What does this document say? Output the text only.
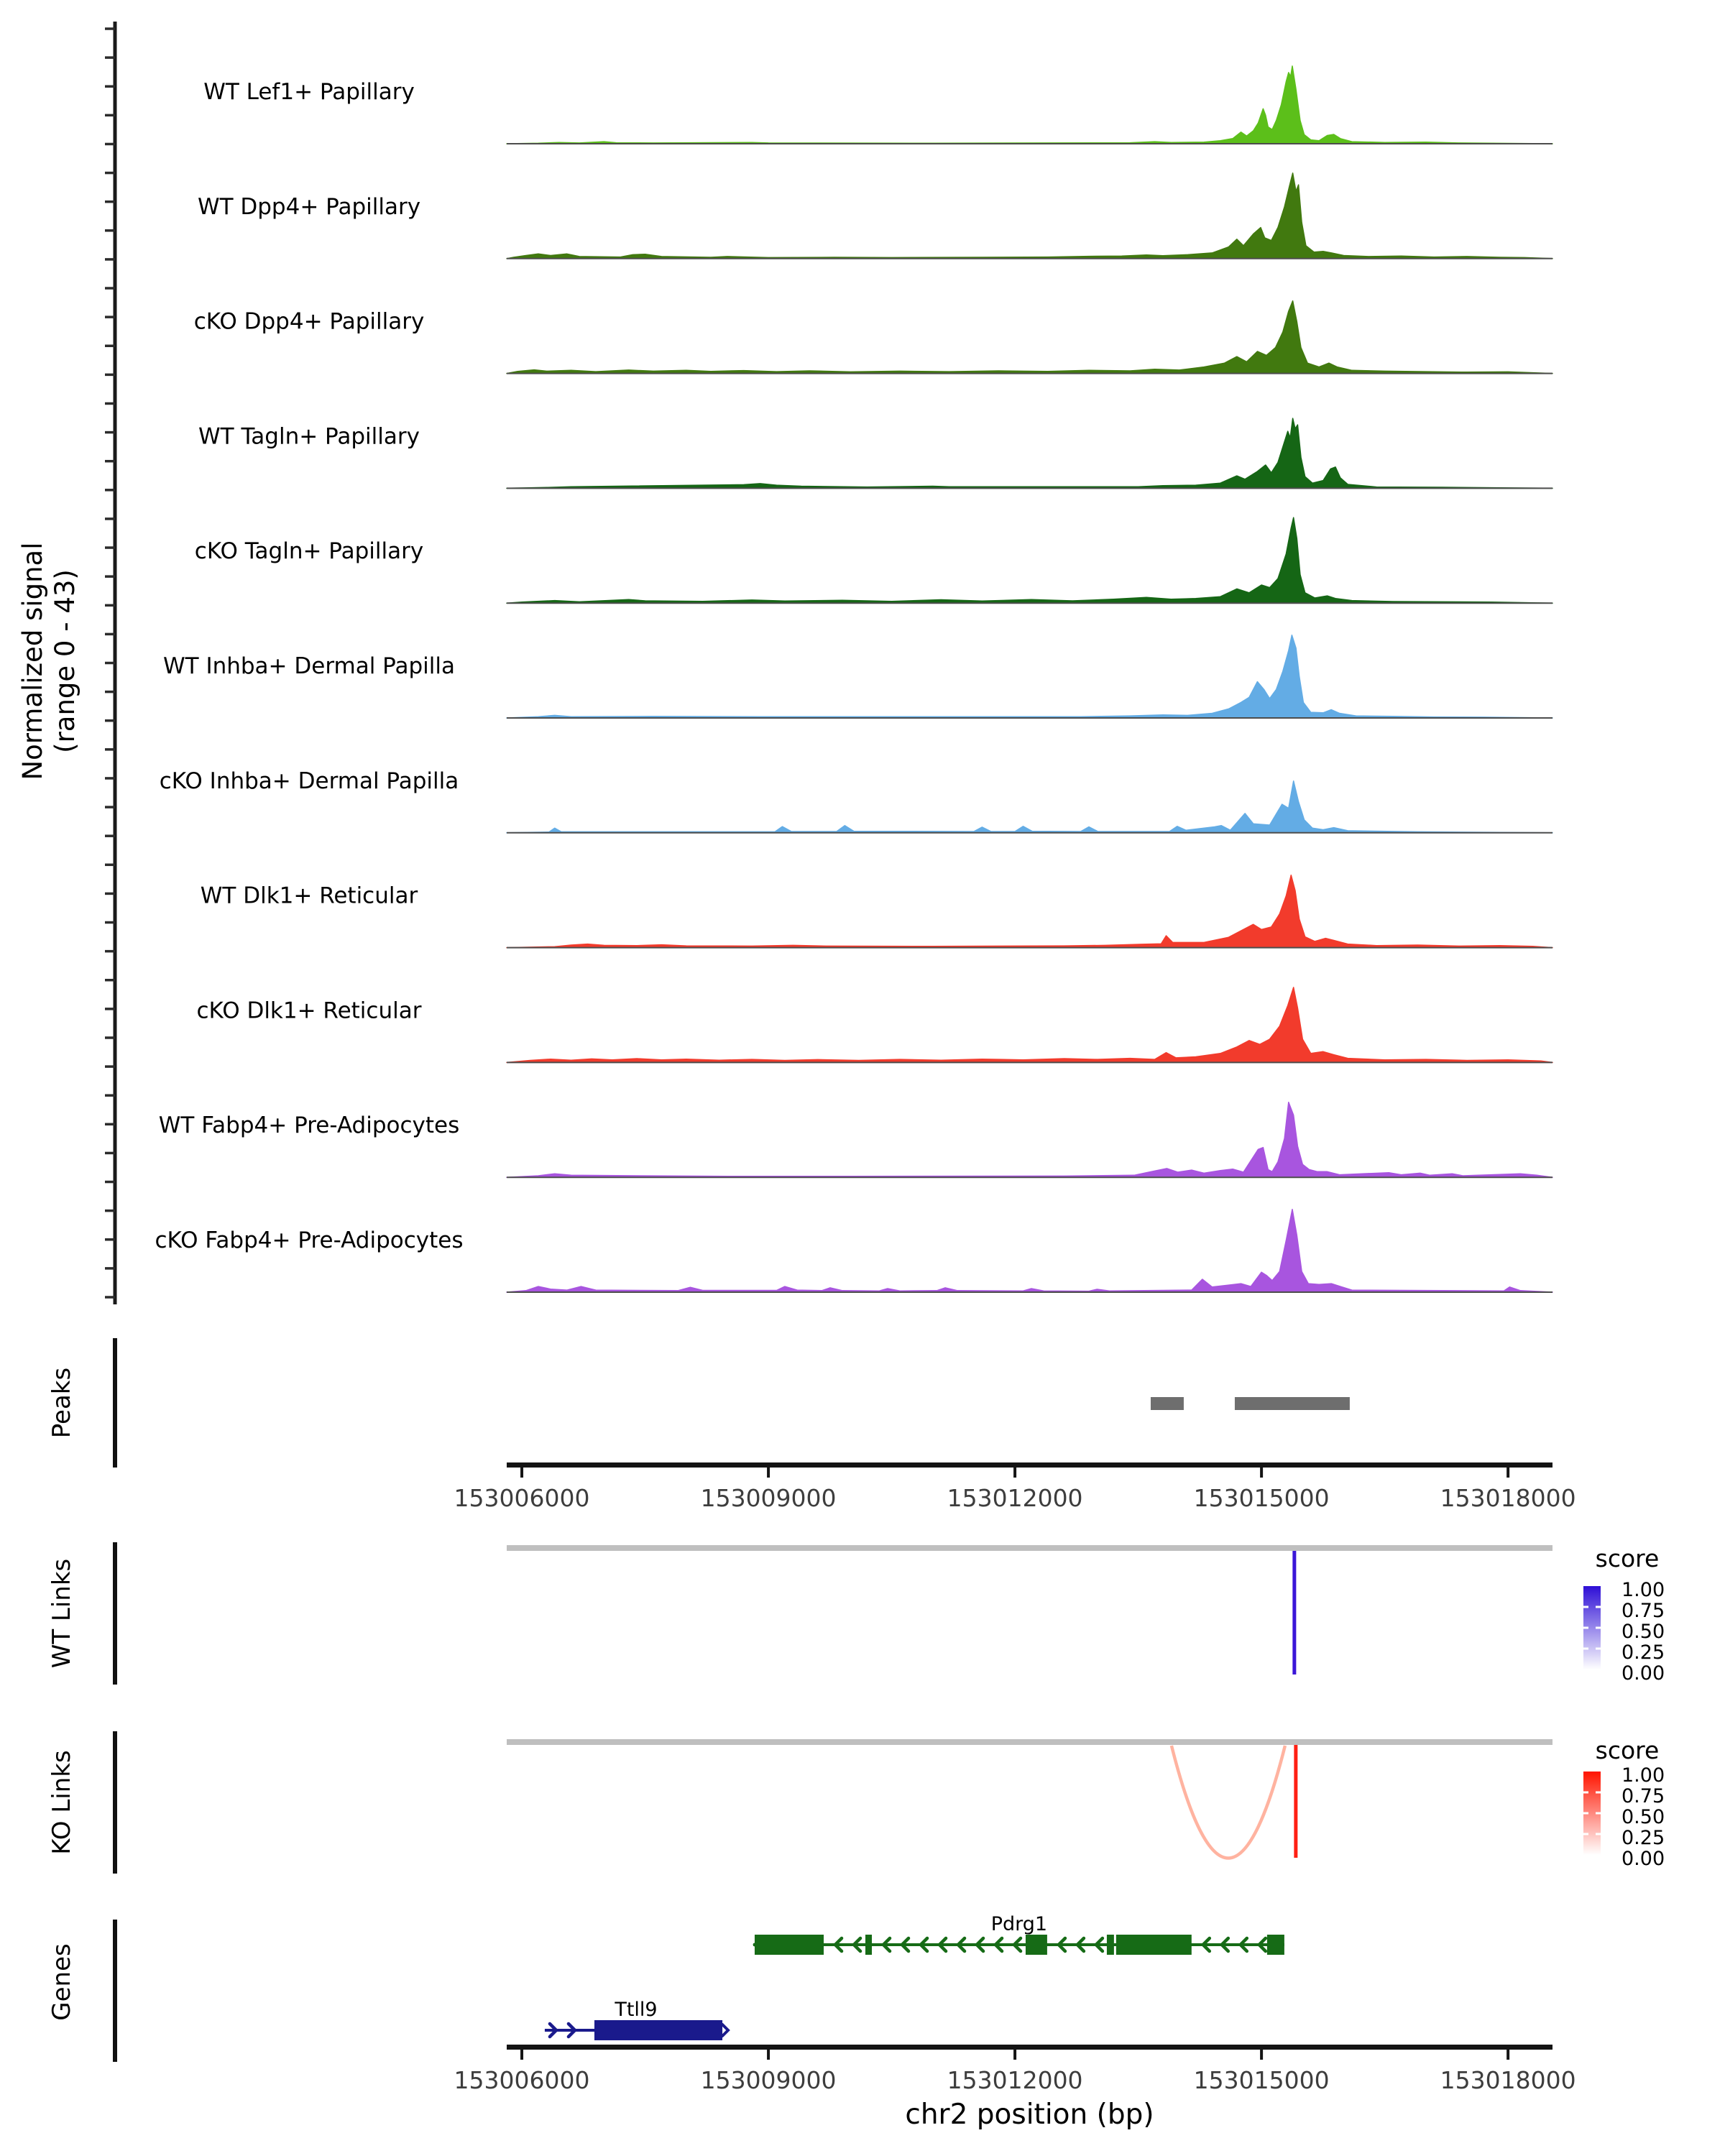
Normalized signal (range 0 - 43)
WT Lef1+ Papillary
WT Dpp4+ Papillary
cKO Dpp4+ Papillary
WT Tagln+ Papillary
cKO Tagln+ Papillary
WT Inhba+ Dermal Papilla
cKO Inhba+ Dermal Papilla
WT Dlk1+ Reticular
cKO Dlk1+ Reticular
WT Fabp4+ Pre-Adipocytes
cKO Fabp4+ Pre-Adipocytes
Peaks
153006000	153009000	153012000	153015000	153018000
WT Links
score
1.00
0.75
0.50
0.25
0.00
KO Links	score
1.00
0.75
0.50
0.25
0.00
Genes
Pdrg1
Ttll9
153006000	153009000	153012000	153015000	153018000
chr2 position (bp)
